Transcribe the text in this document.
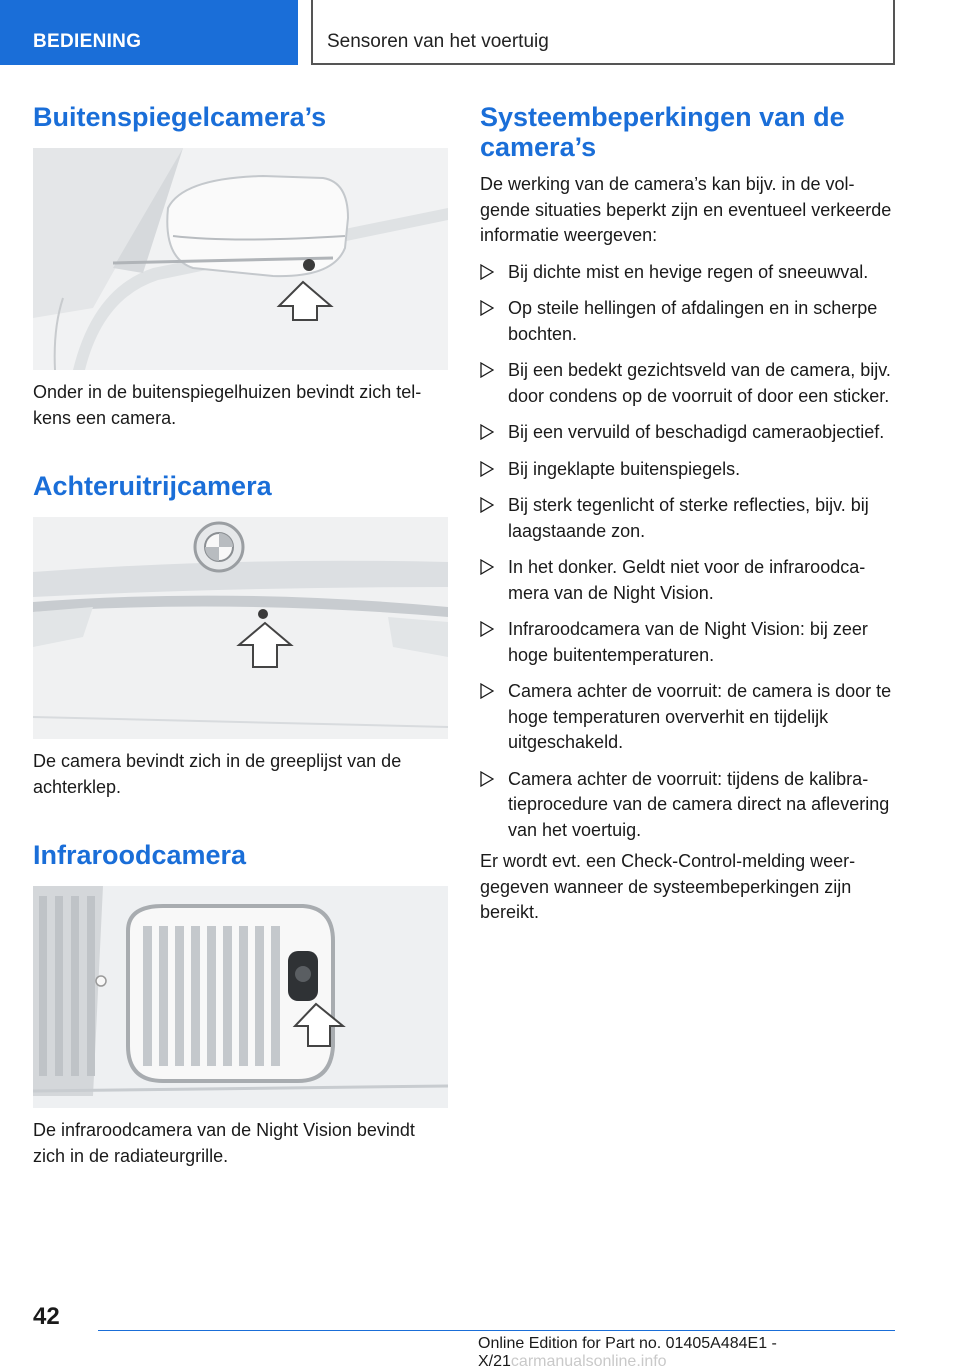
BEDIENING	Sensoren van het voertuig
Buitenspiegelcamera’s

Onder in de buitenspiegelhuizen bevindt zich telkens een camera.

Achteruitrijcamera

De camera bevindt zich in de greeplijst van de achterklep.

Infraroodcamera

De infraroodcamera van de Night Vision bevindt zich in de radiateurgrille.

Systeembeperkingen van de camera’s

De werking van de camera’s kan bijv. in de volgende situaties beperkt zijn en eventueel verkeerde informatie weergeven:

Bij dichte mist en hevige regen of sneeuwval.
Op steile hellingen of afdalingen en in scherpe bochten.
Bij een bedekt gezichtsveld van de camera, bijv. door condens op de voorruit of door een sticker.
Bij een vervuild of beschadigd cameraobjectief.
Bij ingeklapte buitenspiegels.
Bij sterk tegenlicht of sterke reflecties, bijv. bij laagstaande zon.
In het donker. Geldt niet voor de infraroodcamera van de Night Vision.
Infraroodcamera van de Night Vision: bij zeer hoge buitentemperaturen.
Camera achter de voorruit: de camera is door te hoge temperaturen oververhit en tijdelijk uitgeschakeld.
Camera achter de voorruit: tijdens de kalibratieprocedure van de camera direct na aflevering van het voertuig.

Er wordt evt. een Check-Control-melding weergegeven wanneer de systeembeperkingen zijn bereikt.

42
Online Edition for Part no. 01405A484E1 - X/21carmanualsonline.info
